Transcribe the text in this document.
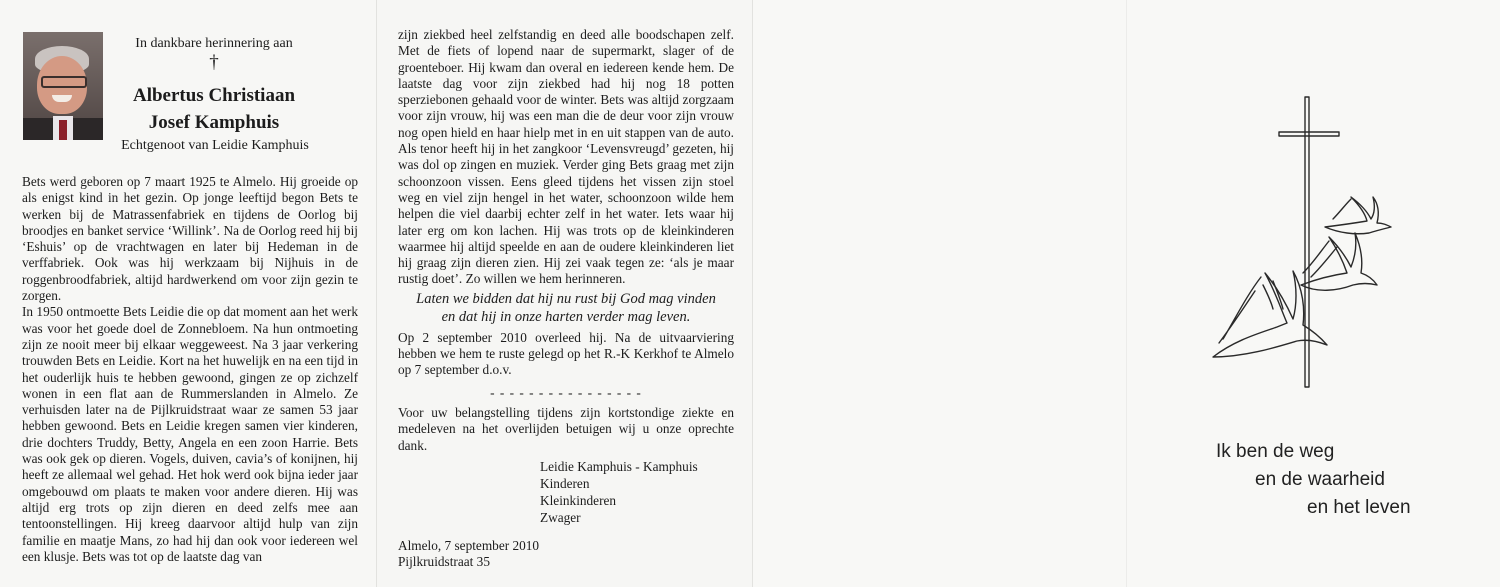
In dankbare herinnering aan
†
Albertus Christiaan
Josef Kamphuis
Echtgenoot van Leidie Kamphuis

Bets werd geboren op 7 maart 1925 te Almelo. Hij groeide op als enigst kind in het gezin. Op jonge leeftijd begon Bets te werken bij de Matrassenfabriek en tijdens de Oorlog bij broodjes en banket service ‘Willink’. Na de Oorlog reed hij bij ‘Eshuis’ op de vrachtwagen en later bij Hedeman in de verffabriek. Ook was hij werkzaam bij Nijhuis in de roggenbroodfabriek, altijd hardwerkend om voor zijn gezin te zorgen.

In 1950 ontmoette Bets Leidie die op dat moment aan het werk was voor het goede doel de Zonnebloem. Na hun ontmoeting zijn ze nooit meer bij elkaar weggeweest. Na 3 jaar verkering trouwden Bets en Leidie. Kort na het huwelijk en na een tijd in het ouderlijk huis te hebben gewoond, gingen ze op zichzelf wonen in een flat aan de Rummerslanden in Almelo. Ze verhuisden later na de Pijlkruidstraat waar ze samen 53 jaar hebben gewoond. Bets en Leidie kregen samen vier kinderen, drie dochters Truddy, Betty, Angela en een zoon Harrie. Bets was ook gek op dieren. Vogels, duiven, cavia’s of konijnen, hij heeft ze allemaal wel gehad. Het hok werd ook bijna ieder jaar omgebouwd om plaats te maken voor andere dieren. Hij was altijd erg trots op zijn dieren en deed zelfs mee aan tentoonstellingen. Hij kreeg daarvoor altijd hulp van zijn familie en maatje Mans, zo had hij dan ook voor iedereen wel een klusje. Bets was tot op de laatste dag van

zijn ziekbed heel zelfstandig en deed alle boodschapen zelf. Met de fiets of lopend naar de supermarkt, slager of de groenteboer. Hij kwam dan overal en iedereen kende hem. De laatste dag voor zijn ziekbed had hij nog 18 potten sperziebonen gehaald voor de winter. Bets was altijd zorgzaam voor zijn vrouw, hij was een man die de deur voor zijn vrouw nog open hield en haar hielp met in en uit stappen van de auto. Als tenor heeft hij in het zangkoor ‘Levensvreugd’ gezeten, hij was dol op zingen en muziek. Verder ging Bets graag met zijn schoonzoon vissen. Eens gleed tijdens het vissen zijn stoel weg en viel zijn hengel in het water, schoonzoon wilde hem helpen die viel daarbij echter zelf in het water. Iets waar hij later erg om kon lachen. Hij was trots op de kleinkinderen waarmee hij altijd speelde en aan de oudere kleinkinderen liet hij graag zijn dieren zien. Hij zei vaak tegen ze: ‘als je maar rustig doet’. Zo willen we hem herinneren.

Laten we bidden dat hij nu rust bij God mag vinden

en dat hij in onze harten verder mag leven.

Op 2 september 2010 overleed hij. Na de uitvaarviering hebben we hem te ruste gelegd op het R.-K Kerkhof te Almelo op 7 september d.o.v.

- - - - - - - - - - - - - - - -

Voor uw belangstelling tijdens zijn kortstondige ziekte en medeleven na het overlijden betuigen wij u onze oprechte dank.

Leidie Kamphuis - Kamphuis
Kinderen
Kleinkinderen
Zwager
Almelo, 7 september 2010
Pijlkruidstraat 35
Ik ben de weg
en de waarheid
en het leven
